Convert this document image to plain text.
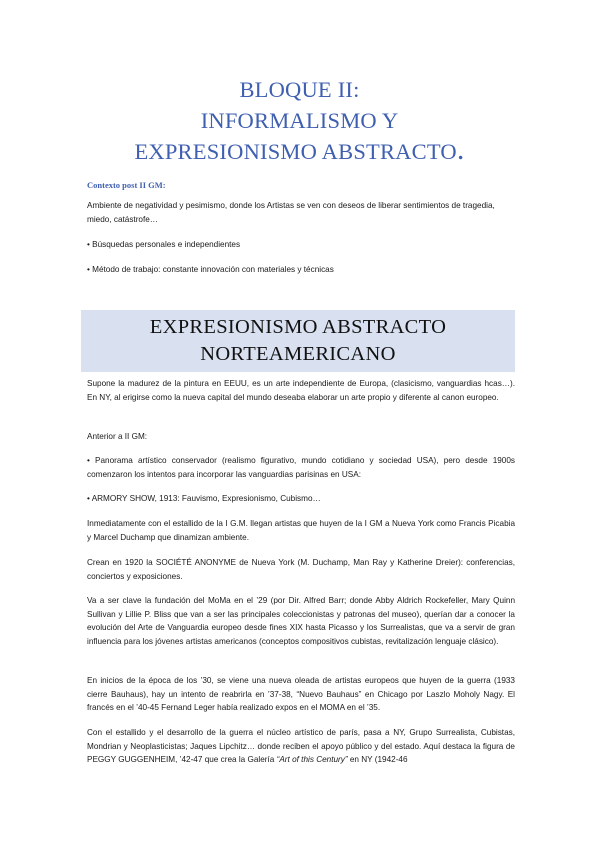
BLOQUE II:
INFORMALISMO Y
EXPRESIONISMO ABSTRACTO.
Contexto post II GM:

Ambiente de negatividad y pesimismo, donde los Artistas se ven con deseos de liberar sentimientos de tragedia, miedo, catástrofe…

• Búsquedas personales e independientes

• Método de trabajo: constante innovación con materiales y técnicas

EXPRESIONISMO ABSTRACTO
NORTEAMERICANO

Supone la madurez de la pintura en EEUU, es un arte independiente de Europa, (clasicismo, vanguardias hcas…). En NY, al erigirse como la nueva capital del mundo deseaba elaborar un arte propio y diferente al canon europeo.

Anterior a II GM:

• Panorama artístico conservador (realismo figurativo, mundo cotidiano y sociedad USA), pero desde 1900s comenzaron los intentos para incorporar las vanguardias parisinas en USA:

• ARMORY SHOW, 1913: Fauvismo, Expresionismo, Cubismo…

Inmediatamente con el estallido de la I G.M. llegan artistas que huyen de la I GM a Nueva York como Francis Picabia y Marcel Duchamp que dinamizan ambiente.

Crean en 1920 la SOCIÉTÉ ANONYME de Nueva York (M. Duchamp, Man Ray y Katherine Dreier): conferencias, conciertos y exposiciones.

Va a ser clave la fundación del MoMa en el ’29 (por Dir. Alfred Barr; donde Abby Aldrich Rockefeller, Mary Quinn Sullivan y Lillie P. Bliss que van a ser las principales coleccionistas y patronas del museo), querían dar a conocer la evolución del Arte de Vanguardia europeo desde fines XIX hasta Picasso y los Surrealistas, que va a servir de gran influencia para los jóvenes artistas americanos (conceptos compositivos cubistas, revitalización lenguaje clásico).

En inicios de la época de los ’30, se viene una nueva oleada de artistas europeos que huyen de la guerra (1933 cierre Bauhaus), hay un intento de reabrirla en ’37-38, “Nuevo Bauhaus” en Chicago por Laszlo Moholy Nagy. El francés en el ’40-45 Fernand Leger había realizado expos en el MOMA en el ’35.

Con el estallido y el desarrollo de la guerra el núcleo artístico de parís, pasa a NY, Grupo Surrealista, Cubistas, Mondrian y Neoplasticistas; Jaques Lipchitz… donde reciben el apoyo público y del estado. Aquí destaca la figura de PEGGY GUGGENHEIM, ’42-47 que crea la Galería “Art of this Century” en NY (1942-46
